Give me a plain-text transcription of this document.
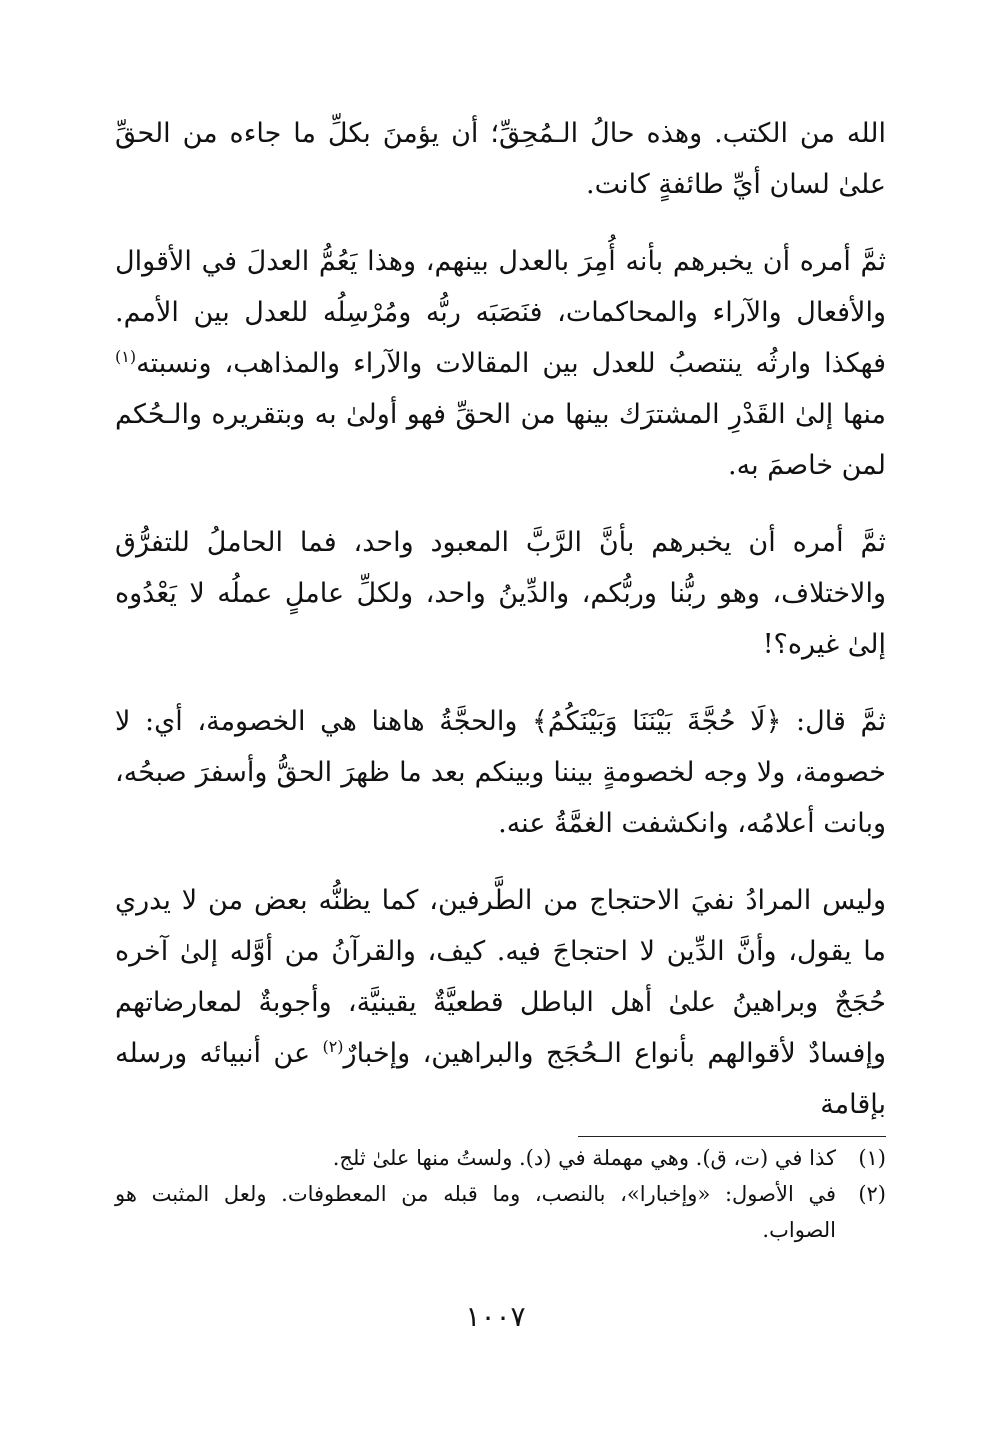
الله من الكتب. وهذه حالُ الـمُحِقِّ؛ أن يؤمنَ بكلِّ ما جاءه من الحقِّ علىٰ لسان أيِّ طائفةٍ كانت.

ثمَّ أمره أن يخبرهم بأنه أُمِرَ بالعدل بينهم، وهذا يَعُمُّ العدلَ في الأقوال والأفعال والآراء والمحاكمات، فنَصَبَه ربُّه ومُرْسِلُه للعدل بين الأمم. فهكذا وارثُه ينتصبُ للعدل بين المقالات والآراء والمذاهب، ونسبته$^{(١)}$ منها إلىٰ القَدْرِ المشترَك بينها من الحقِّ فهو أولىٰ به وبتقريره والـحُكم لمن خاصمَ به.

ثمَّ أمره أن يخبرهم بأنَّ الرَّبَّ المعبود واحد، فما الحاملُ للتفرُّق والاختلاف، وهو ربُّنا وربُّكم، والدِّينُ واحد، ولكلِّ عاملٍ عملُه لا يَعْدُوه إلىٰ غيره؟!

ثمَّ قال: ﴿لَا حُجَّةَ بَيْنَنَا وَبَيْنَكُمُ﴾ والحجَّةُ هاهنا هي الخصومة، أي: لا خصومة، ولا وجه لخصومةٍ بيننا وبينكم بعد ما ظهرَ الحقُّ وأسفرَ صبحُه، وبانت أعلامُه، وانكشفت الغمَّةُ عنه.

وليس المرادُ نفيَ الاحتجاج من الطَّرفين، كما يظنُّه بعض من لا يدري ما يقول، وأنَّ الدِّين لا احتجاجَ فيه. كيف، والقرآنُ من أوَّله إلىٰ آخره حُجَجٌ وبراهينُ علىٰ أهل الباطل قطعيَّةٌ يقينيَّة، وأجوبةٌ لمعارضاتهم وإفسادٌ لأقوالهم بأنواع الـحُجَج والبراهين، وإخبارٌ$^{(٢)}$ عن أنبيائه ورسله بإقامة

(١)
كذا في (ت، ق). وهي مهملة في (د). ولستُ منها علىٰ ثلج.
(٢)
في الأصول: «وإخبارا»، بالنصب، وما قبله من المعطوفات. ولعل المثبت هو الصواب.
١٠٠٧
